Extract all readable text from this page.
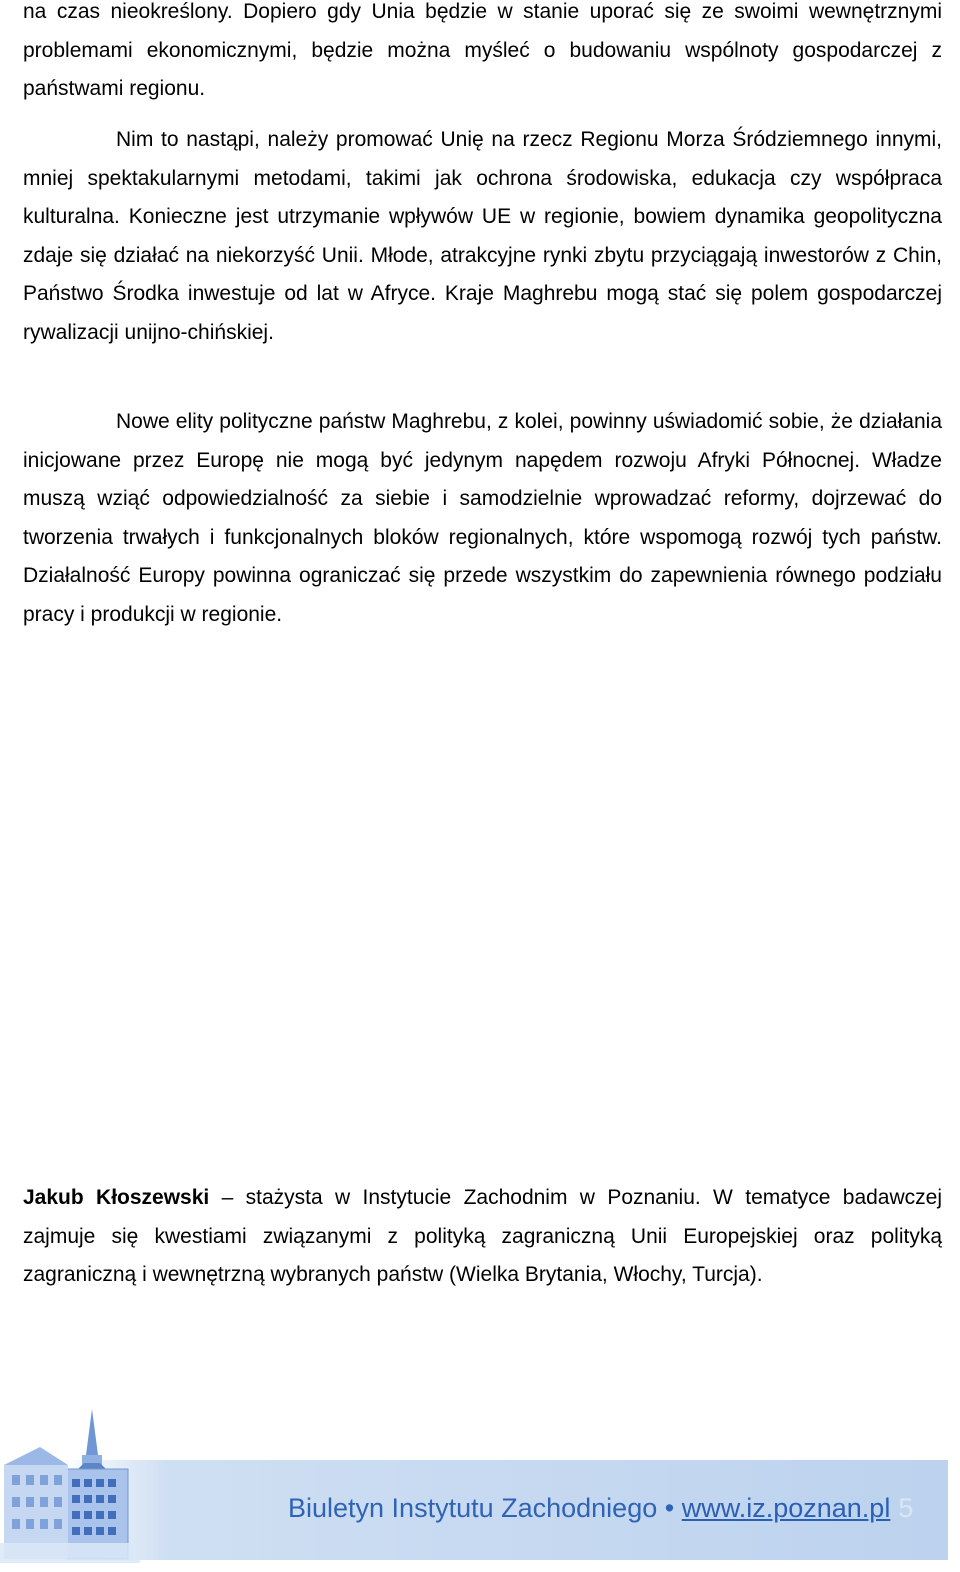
na czas nieokreślony. Dopiero gdy Unia będzie w stanie uporać się ze swoimi wewnętrznymi problemami ekonomicznymi, będzie można myśleć o budowaniu wspólnoty gospodarczej z państwami regionu.

Nim to nastąpi, należy promować Unię na rzecz Regionu Morza Śródziemnego innymi, mniej spektakularnymi metodami, takimi jak ochrona środowiska, edukacja czy współpraca kulturalna. Konieczne jest utrzymanie wpływów UE w regionie, bowiem dynamika geopolityczna zdaje się działać na niekorzyść Unii. Młode, atrakcyjne rynki zbytu przyciągają inwestorów z Chin, Państwo Środka inwestuje od lat w Afryce. Kraje Maghrebu mogą stać się polem gospodarczej rywalizacji unijno-chińskiej.

Nowe elity polityczne państw Maghrebu, z kolei, powinny uświadomić sobie, że działania inicjowane przez Europę nie mogą być jedynym napędem rozwoju Afryki Północnej. Władze muszą wziąć odpowiedzialność za siebie i samodzielnie wprowadzać reformy, dojrzewać do tworzenia trwałych i funkcjonalnych bloków regionalnych, które wspomogą rozwój tych państw. Działalność Europy powinna ograniczać się przede wszystkim do zapewnienia równego podziału pracy i produkcji w regionie.

Jakub Kłoszewski – stażysta w Instytucie Zachodnim w Poznaniu. W tematyce badawczej zajmuje się kwestiami związanymi z polityką zagraniczną Unii Europejskiej oraz polityką zagraniczną i wewnętrzną wybranych państw (Wielka Brytania, Włochy, Turcja).

Biuletyn Instytutu Zachodniego • www.iz.poznan.pl 5
